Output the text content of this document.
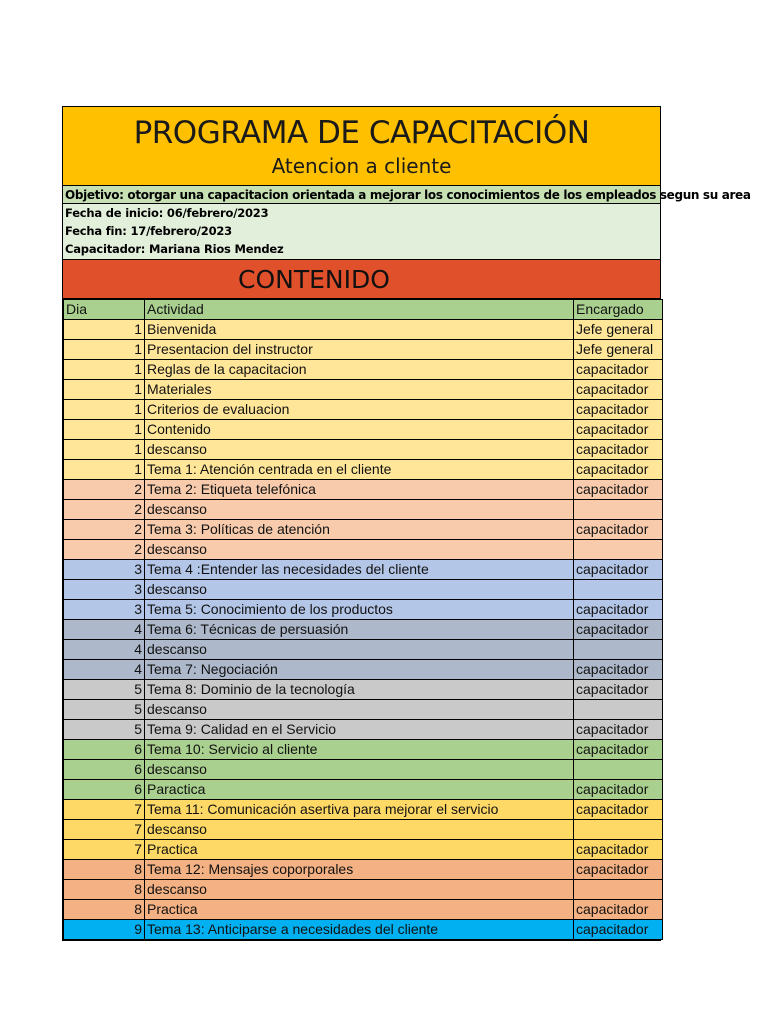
PROGRAMA DE CAPACITACIÓN
Atencion a cliente
Objetivo: otorgar una capacitacion orientada a mejorar los conocimientos de los empleados segun su area
Fecha de inicio: 06/febrero/2023
Fecha fin: 17/febrero/2023
Capacitador: Mariana Rios Mendez
CONTENIDO
Dia	Actividad	Encargado
1	Bienvenida	Jefe general
1	Presentacion del instructor	Jefe general
1	Reglas de la capacitacion	capacitador
1	Materiales	capacitador
1	Criterios de evaluacion	capacitador
1	Contenido	capacitador
1	descanso	capacitador
1	Tema 1: Atención centrada en el cliente	capacitador
2	Tema 2: Etiqueta telefónica	capacitador
2	descanso	
2	Tema 3: Políticas de atención	capacitador
2	descanso	
3	Tema 4 :Entender las necesidades del cliente	capacitador
3	descanso	
3	Tema 5: Conocimiento de los productos	capacitador
4	Tema 6: Técnicas de persuasión	capacitador
4	descanso	
4	Tema 7: Negociación	capacitador
5	Tema 8: Dominio de la tecnología	capacitador
5	descanso	
5	Tema 9: Calidad en el Servicio	capacitador
6	Tema 10: Servicio al cliente	capacitador
6	descanso	
6	Paractica	capacitador
7	Tema 11: Comunicación asertiva para mejorar el servicio	capacitador
7	descanso	
7	Practica	capacitador
8	Tema 12: Mensajes coporporales	capacitador
8	descanso	
8	Practica	capacitador
9	Tema 13: Anticiparse a necesidades del cliente	capacitador
